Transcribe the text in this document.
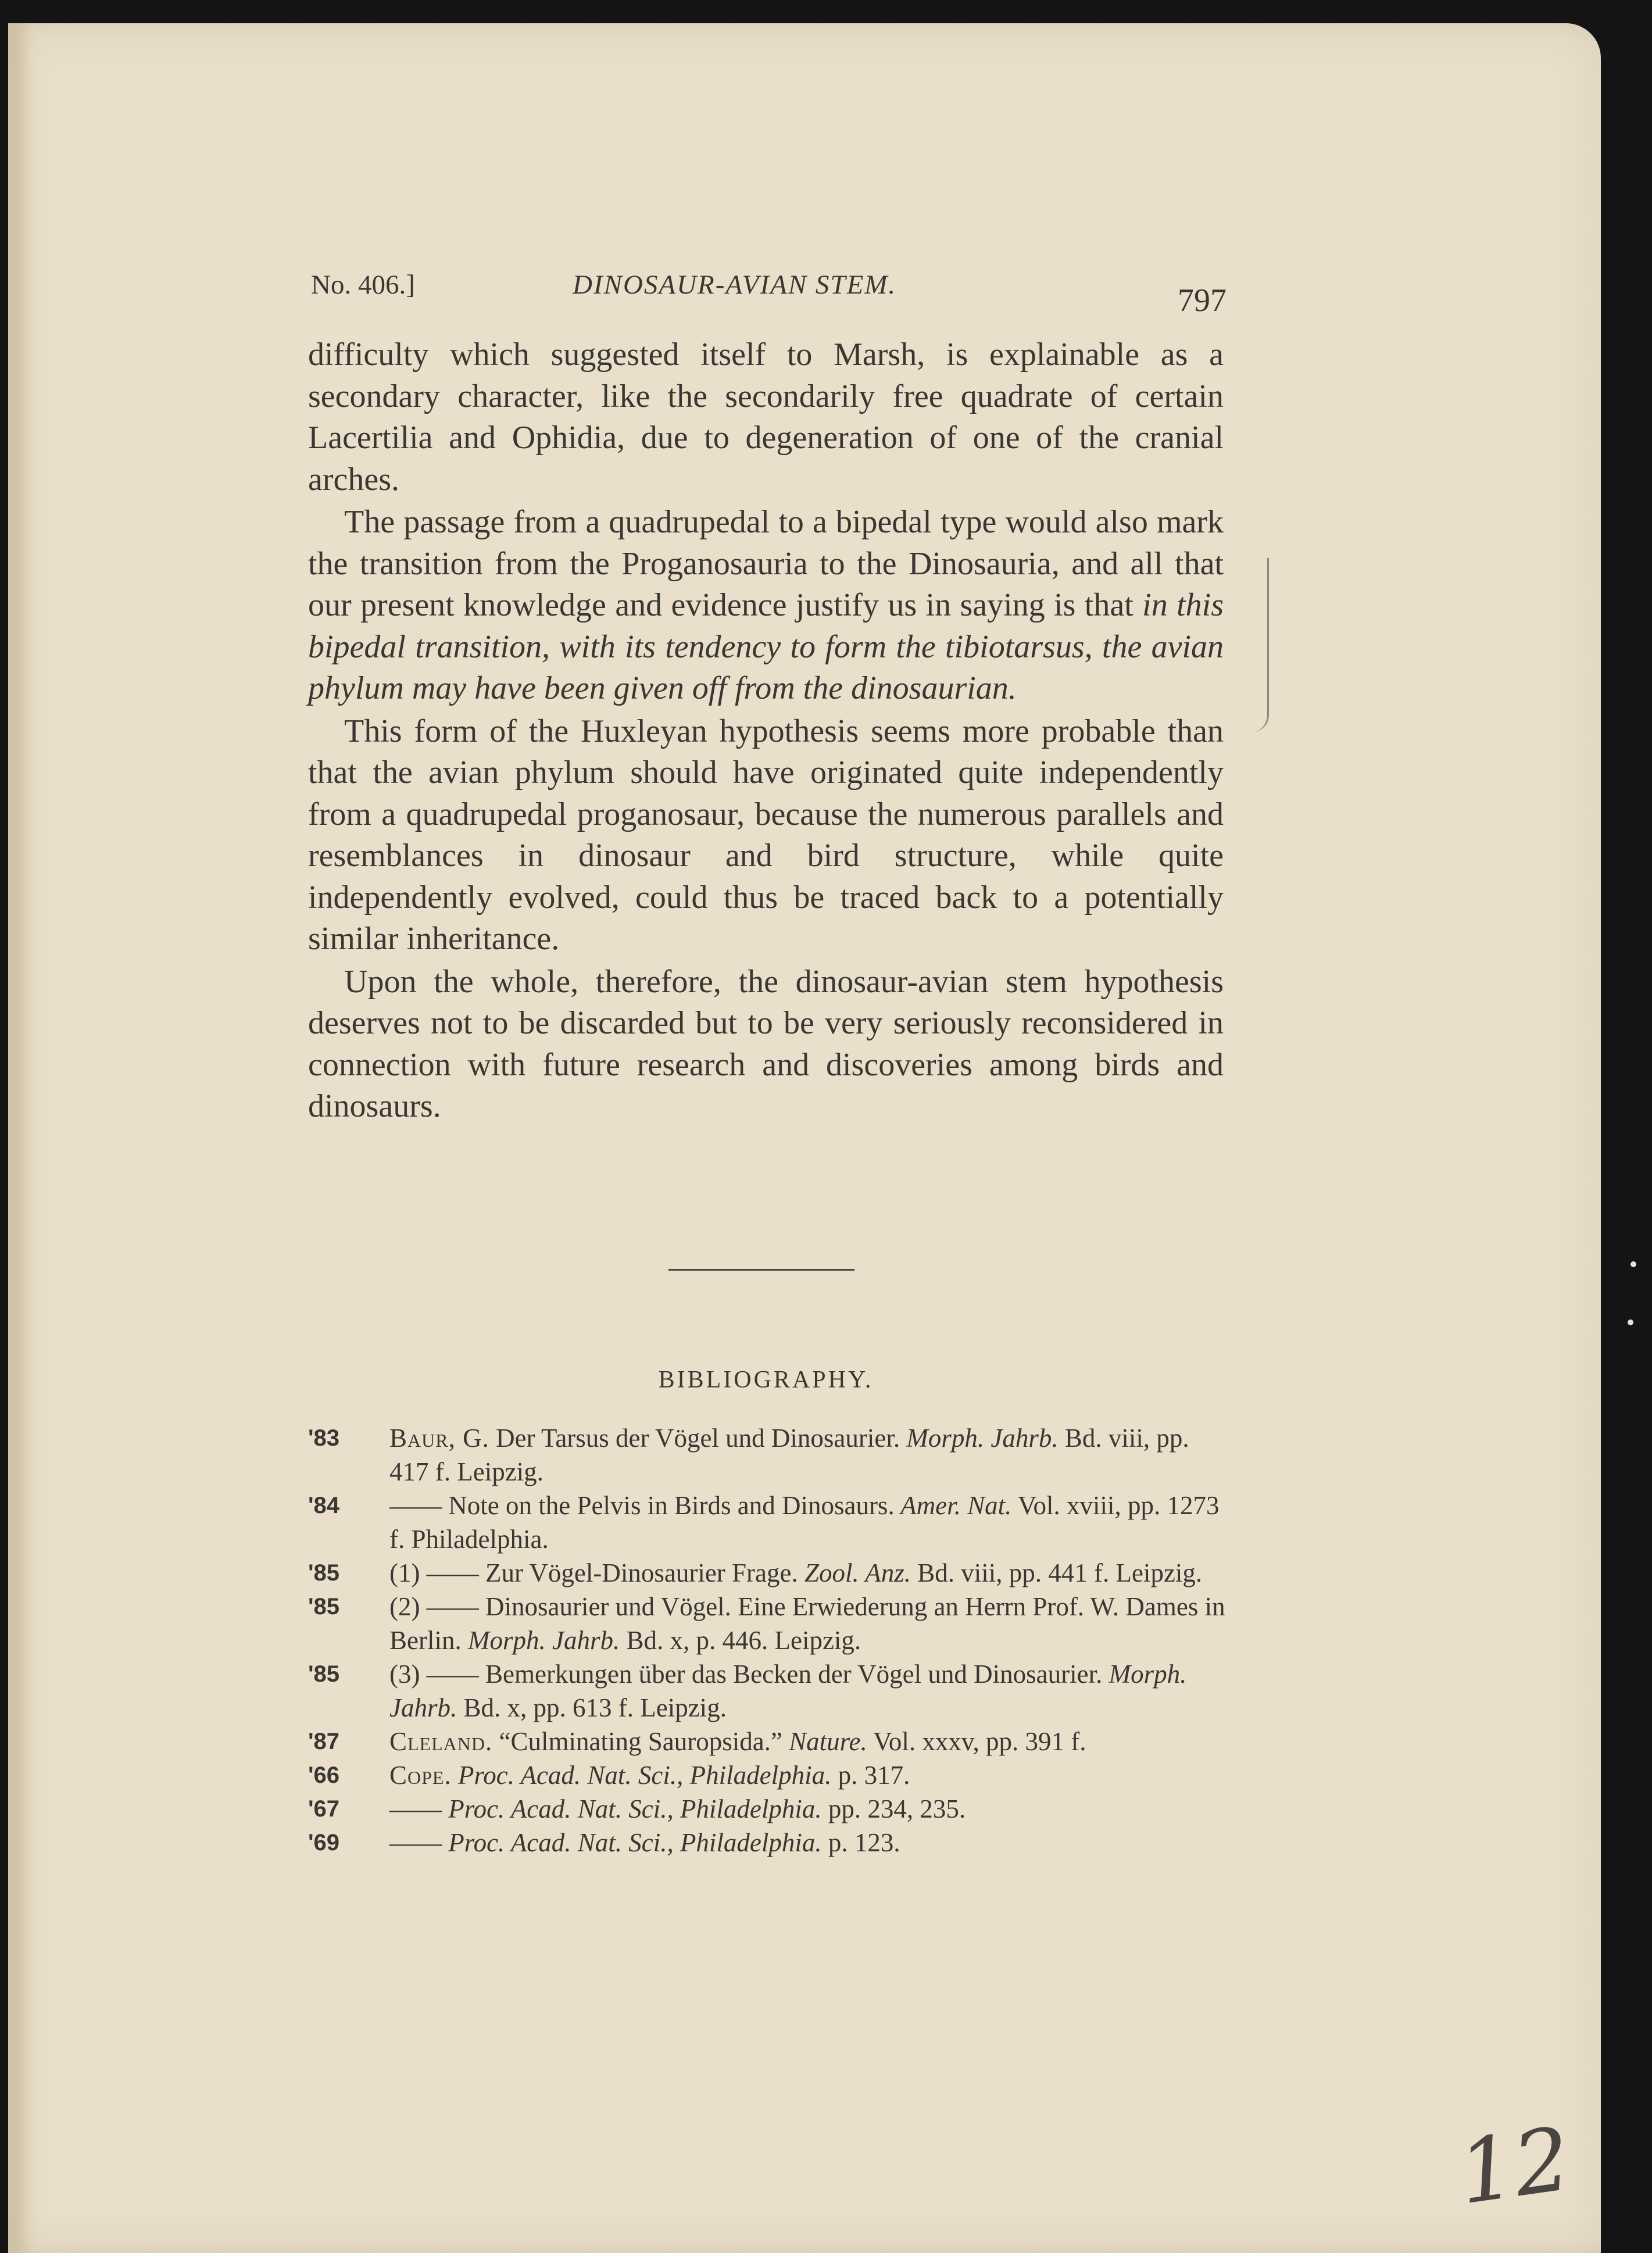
No. 406.]	DINOSAUR-AVIAN STEM.	797

difficulty which suggested itself to Marsh, is explainable as a secondary character, like the secondarily free quadrate of certain Lacertilia and Ophidia, due to degeneration of one of the cranial arches.

The passage from a quadrupedal to a bipedal type would also mark the transition from the Proganosauria to the Dinosauria, and all that our present knowledge and evidence justify us in saying is that in this bipedal transition, with its tendency to form the tibiotarsus, the avian phylum may have been given off from the dinosaurian.

This form of the Huxleyan hypothesis seems more probable than that the avian phylum should have originated quite independently from a quadrupedal proganosaur, because the numerous parallels and resemblances in dinosaur and bird structure, while quite independently evolved, could thus be traced back to a potentially similar inheritance.

Upon the whole, therefore, the dinosaur-avian stem hypothesis deserves not to be discarded but to be very seriously reconsidered in connection with future research and discoveries among birds and dinosaurs.

BIBLIOGRAPHY.
'83 Baur, G. Der Tarsus der Vögel und Dinosaurier. Morph. Jahrb. Bd. viii, pp. 417 f. Leipzig.
'84 —— Note on the Pelvis in Birds and Dinosaurs. Amer. Nat. Vol. xviii, pp. 1273 f. Philadelphia.
'85 (1) —— Zur Vögel-Dinosaurier Frage. Zool. Anz. Bd. viii, pp. 441 f. Leipzig.
'85 (2) —— Dinosaurier und Vögel. Eine Erwiederung an Herrn Prof. W. Dames in Berlin. Morph. Jahrb. Bd. x, p. 446. Leipzig.
'85 (3) —— Bemerkungen über das Becken der Vögel und Dinosaurier. Morph. Jahrb. Bd. x, pp. 613 f. Leipzig.
'87 Cleland. “Culminating Sauropsida.” Nature. Vol. xxxv, pp. 391 f.
'66 Cope. Proc. Acad. Nat. Sci., Philadelphia. p. 317.
'67 —— Proc. Acad. Nat. Sci., Philadelphia. pp. 234, 235.
'69 —— Proc. Acad. Nat. Sci., Philadelphia. p. 123.
12
